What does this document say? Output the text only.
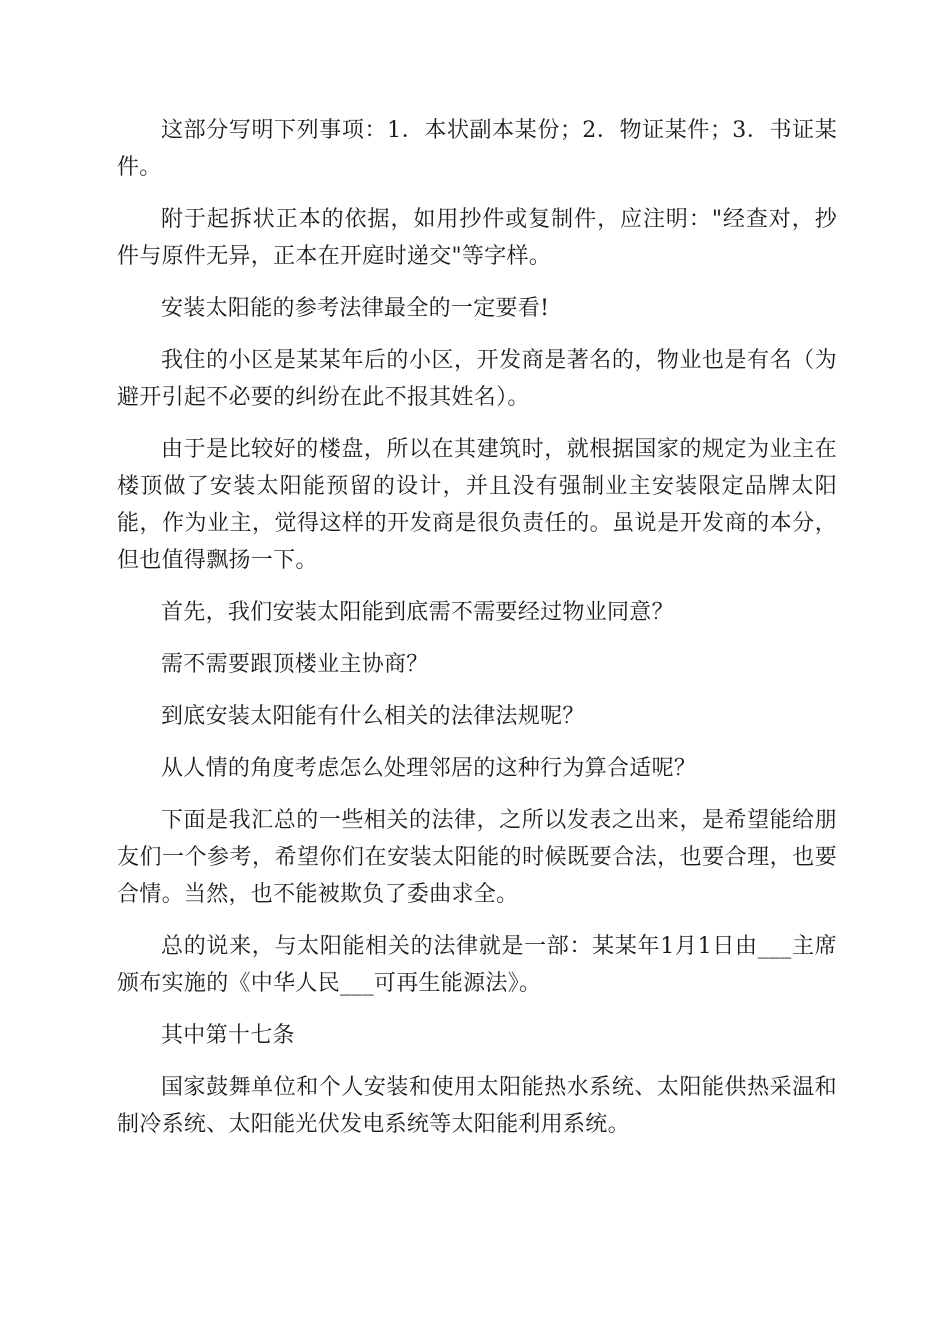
这部分写明下列事项：1．本状副本某份；2．物证某件；3．书证某件。

附于起拆状正本的依据，如用抄件或复制件，应注明："经查对，抄件与原件无异，正本在开庭时递交"等字样。

安装太阳能的参考法律最全的一定要看!

我住的小区是某某年后的小区，开发商是著名的，物业也是有名（为避开引起不必要的纠纷在此不报其姓名）。

由于是比较好的楼盘，所以在其建筑时，就根据国家的规定为业主在楼顶做了安装太阳能预留的设计，并且没有强制业主安装限定品牌太阳能，作为业主，觉得这样的开发商是很负责任的。虽说是开发商的本分，但也值得飘扬一下。

首先，我们安装太阳能到底需不需要经过物业同意？

需不需要跟顶楼业主协商？

到底安装太阳能有什么相关的法律法规呢？

从人情的角度考虑怎么处理邻居的这种行为算合适呢？

下面是我汇总的一些相关的法律，之所以发表之出来，是希望能给朋友们一个参考，希望你们在安装太阳能的时候既要合法，也要合理，也要合情。当然，也不能被欺负了委曲求全。

总的说来，与太阳能相关的法律就是一部：某某年1月1日由___主席颁布实施的《中华人民___可再生能源法》。

其中第十七条

国家鼓舞单位和个人安装和使用太阳能热水系统、太阳能供热采温和制冷系统、太阳能光伏发电系统等太阳能利用系统。
